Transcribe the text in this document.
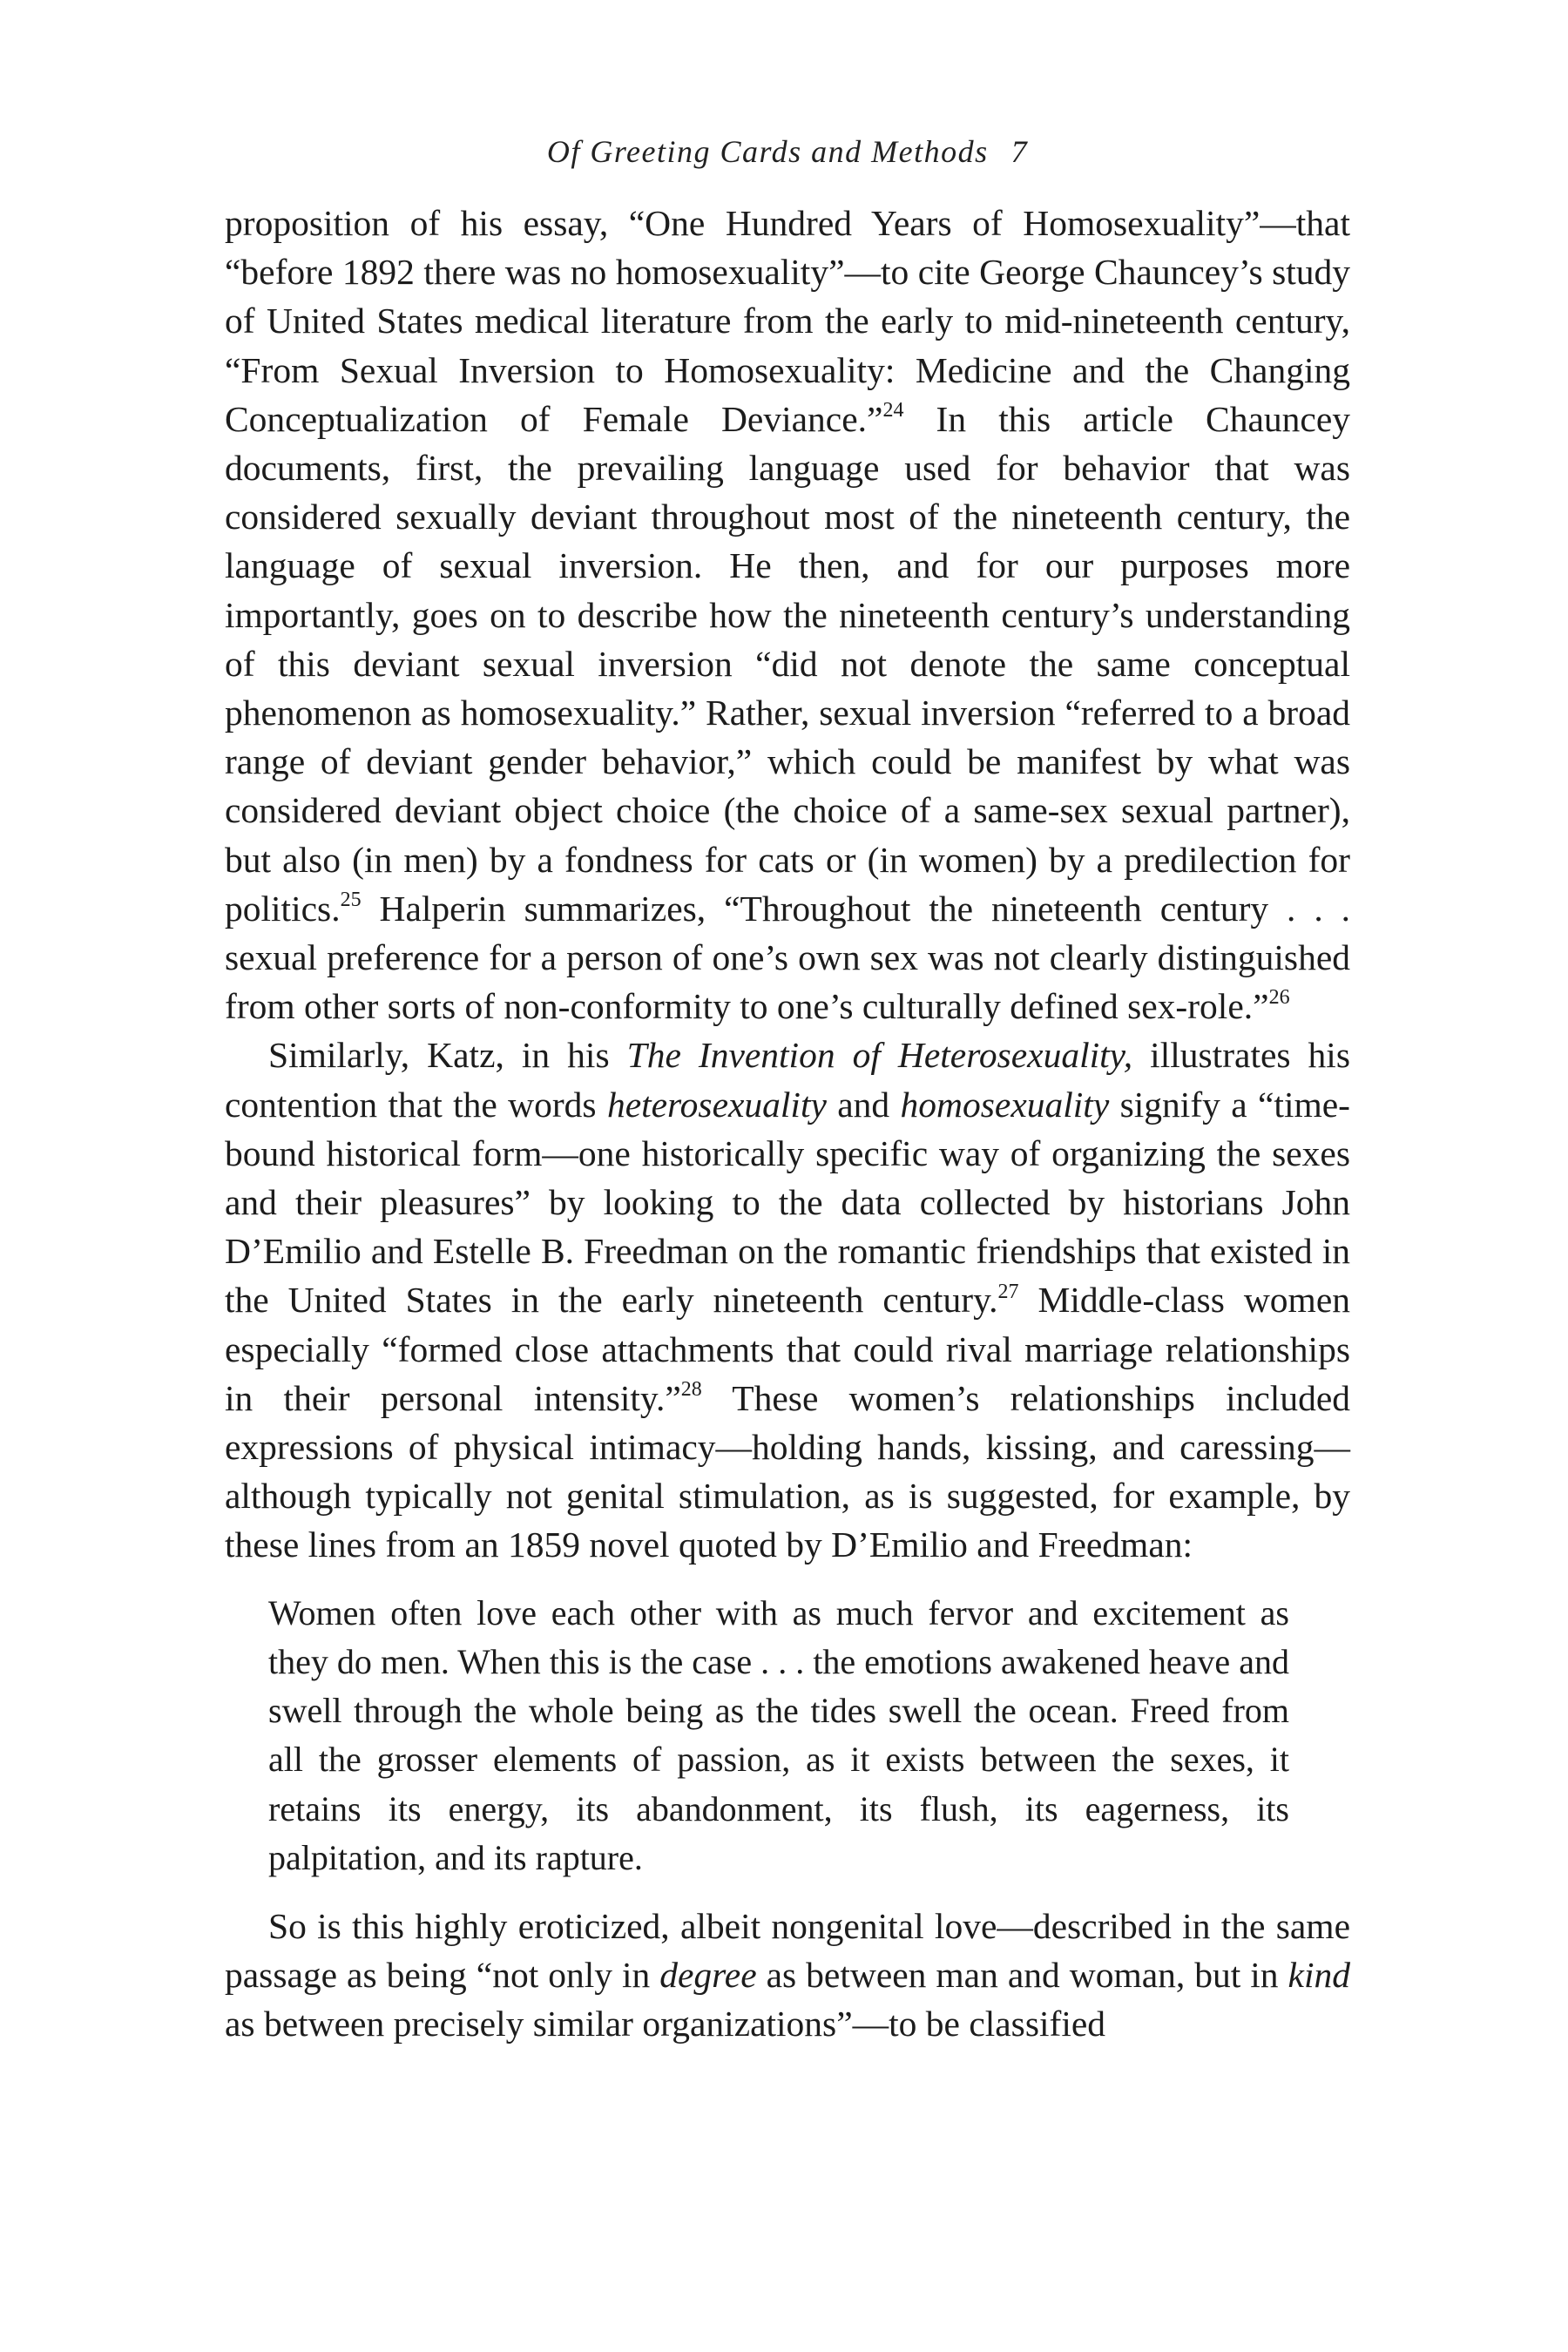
Of Greeting Cards and Methods 7

proposition of his essay, “One Hundred Years of Homosexuality”—that “before 1892 there was no homosexuality”—to cite George Chauncey’s study of United States medical literature from the early to mid-nineteenth century, “From Sexual Inversion to Homosexuality: Medicine and the Changing Conceptualization of Female Deviance.”$^{24}$ In this article Chauncey documents, first, the prevailing language used for behavior that was considered sexually deviant throughout most of the nineteenth century, the language of sexual inversion. He then, and for our purposes more importantly, goes on to describe how the nineteenth century’s understanding of this deviant sexual inversion “did not denote the same conceptual phenomenon as homosexuality.” Rather, sexual inversion “referred to a broad range of deviant gender behavior,” which could be manifest by what was considered deviant object choice (the choice of a same-sex sexual partner), but also (in men) by a fondness for cats or (in women) by a predilection for politics.$^{25}$ Halperin summarizes, “Throughout the nineteenth century . . . sexual preference for a person of one’s own sex was not clearly distinguished from other sorts of non-conformity to one’s culturally defined sex-role.”$^{26}$

Similarly, Katz, in his The Invention of Heterosexuality, illustrates his contention that the words heterosexuality and homosexuality signify a “time-bound historical form—one historically specific way of organizing the sexes and their pleasures” by looking to the data collected by historians John D’Emilio and Estelle B. Freedman on the romantic friendships that existed in the United States in the early nineteenth century.$^{27}$ Middle-class women especially “formed close attachments that could rival marriage relationships in their personal intensity.”$^{28}$ These women’s relationships included expressions of physical intimacy—holding hands, kissing, and caressing—although typically not genital stimulation, as is suggested, for example, by these lines from an 1859 novel quoted by D’Emilio and Freedman:

Women often love each other with as much fervor and excitement as they do men. When this is the case . . . the emotions awakened heave and swell through the whole being as the tides swell the ocean. Freed from all the grosser elements of passion, as it exists between the sexes, it retains its energy, its abandonment, its flush, its eagerness, its palpitation, and its rapture.

So is this highly eroticized, albeit nongenital love—described in the same passage as being “not only in degree as between man and woman, but in kind as between precisely similar organizations”—to be classified
